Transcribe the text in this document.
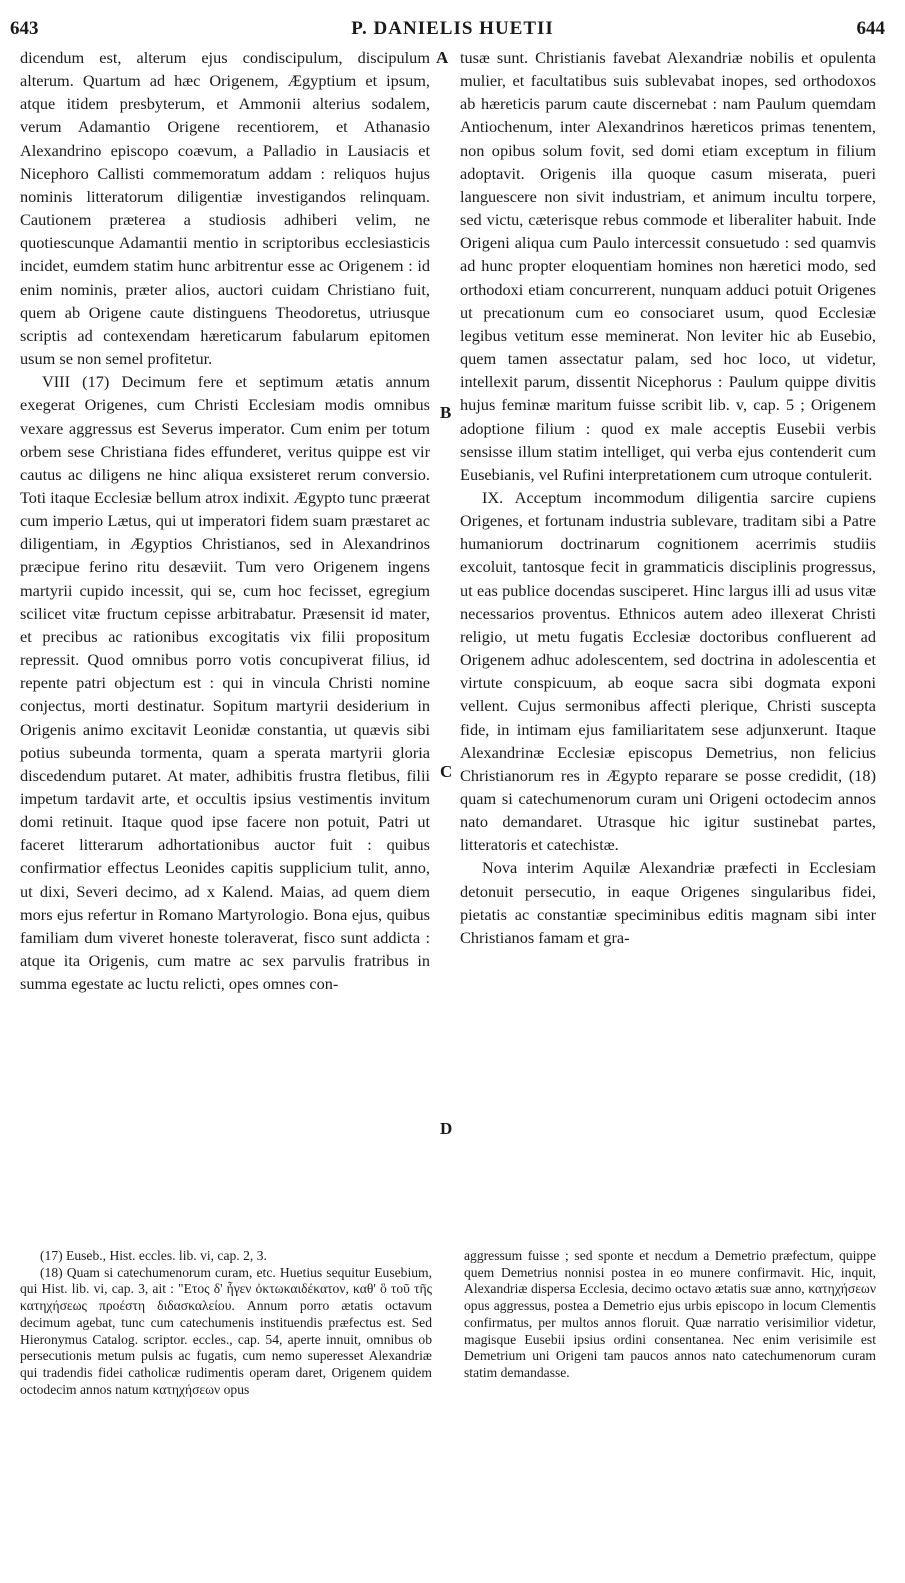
643	P. DANIELIS HUETII	644

dicendum est, alterum ejus condiscipulum, discipulum alterum. Quartum ad hæc Origenem, Ægyptium et ipsum, atque itidem presbyterum, et Ammonii alterius sodalem, verum Adamantio Origene recentiorem, et Athanasio Alexandrino episcopo coævum, a Palladio in Lausiacis et Nicephoro Callisti commemoratum addam : reliquos hujus nominis litteratorum diligentiæ investigandos relinquam. Cautionem præterea a studiosis adhiberi velim, ne quotiescunque Adamantii mentio in scriptoribus ecclesiasticis incidet, eumdem statim hunc arbitrentur esse ac Origenem : id enim nominis, præter alios, auctori cuidam Christiano fuit, quem ab Origene caute distinguens Theodoretus, utriusque scriptis ad contexendam hæreticarum fabularum epitomen usum se non semel profitetur.

VIII (17) Decimum fere et septimum ætatis annum exegerat Origenes, cum Christi Ecclesiam modis omnibus vexare aggressus est Severus imperator. Cum enim per totum orbem sese Christiana fides effunderet, veritus quippe est vir cautus ac diligens ne hinc aliqua exsisteret rerum conversio. Toti itaque Ecclesiæ bellum atrox indixit. Ægypto tunc præerat cum imperio Lætus, qui ut imperatori fidem suam præstaret ac diligentiam, in Ægyptios Christianos, sed in Alexandrinos præcipue ferino ritu desæviit. Tum vero Origenem ingens martyrii cupido incessit, qui se, cum hoc fecisset, egregium scilicet vitæ fructum cepisse arbitrabatur. Præsensit id mater, et precibus ac rationibus excogitatis vix filii propositum repressit. Quod omnibus porro votis concupiverat filius, id repente patri objectum est : qui in vincula Christi nomine conjectus, morti destinatur. Sopitum martyrii desiderium in Origenis animo excitavit Leonidæ constantia, ut quævis sibi potius subeunda tormenta, quam a sperata martyrii gloria discedendum putaret. At mater, adhibitis frustra fletibus, filii impetum tardavit arte, et occultis ipsius vestimentis invitum domi retinuit. Itaque quod ipse facere non potuit, Patri ut faceret litterarum adhortationibus auctor fuit : quibus confirmatior effectus Leonides capitis supplicium tulit, anno, ut dixi, Severi decimo, ad x Kalend. Maias, ad quem diem mors ejus refertur in Romano Martyrologio. Bona ejus, quibus familiam dum viveret honeste toleraverat, fisco sunt addicta : atque ita Origenis, cum matre ac sex parvulis fratribus in summa egestate ac luctu relicti, opes omnes con-

A
B
C
D

tusæ sunt. Christianis favebat Alexandriæ nobilis et opulenta mulier, et facultatibus suis sublevabat inopes, sed orthodoxos ab hæreticis parum caute discernebat : nam Paulum quemdam Antiochenum, inter Alexandrinos hæreticos primas tenentem, non opibus solum fovit, sed domi etiam exceptum in filium adoptavit. Origenis illa quoque casum miserata, pueri languescere non sivit industriam, et animum incultu torpere, sed victu, cæterisque rebus commode et liberaliter habuit. Inde Origeni aliqua cum Paulo intercessit consuetudo : sed quamvis ad hunc propter eloquentiam homines non hæretici modo, sed orthodoxi etiam concurrerent, nunquam adduci potuit Origenes ut precationum cum eo consociaret usum, quod Ecclesiæ legibus vetitum esse meminerat. Non leviter hic ab Eusebio, quem tamen assectatur palam, sed hoc loco, ut videtur, intellexit parum, dissentit Nicephorus : Paulum quippe divitis hujus feminæ maritum fuisse scribit lib. v, cap. 5 ; Origenem adoptione filium : quod ex male acceptis Eusebii verbis sensisse illum statim intelliget, qui verba ejus contenderit cum Eusebianis, vel Rufini interpretationem cum utroque contulerit.

IX. Acceptum incommodum diligentia sarcire cupiens Origenes, et fortunam industria sublevare, traditam sibi a Patre humaniorum doctrinarum cognitionem acerrimis studiis excoluit, tantosque fecit in grammaticis disciplinis progressus, ut eas publice docendas susciperet. Hinc largus illi ad usus vitæ necessarios proventus. Ethnicos autem adeo illexerat Christi religio, ut metu fugatis Ecclesiæ doctoribus confluerent ad Origenem adhuc adolescentem, sed doctrina in adolescentia et virtute conspicuum, ab eoque sacra sibi dogmata exponi vellent. Cujus sermonibus affecti plerique, Christi suscepta fide, in intimam ejus familiaritatem sese adjunxerunt. Itaque Alexandrinæ Ecclesiæ episcopus Demetrius, non felicius Christianorum res in Ægypto reparare se posse credidit, (18) quam si catechumenorum curam uni Origeni octodecim annos nato demandaret. Utrasque hic igitur sustinebat partes, litteratoris et catechistæ.

Nova interim Aquilæ Alexandriæ præfecti in Ecclesiam detonuit persecutio, in eaque Origenes singularibus fidei, pietatis ac constantiæ speciminibus editis magnam sibi inter Christianos famam et gra-

(17) Euseb., Hist. eccles. lib. vi, cap. 2, 3.

(18) Quam si catechumenorum curam, etc. Huetius sequitur Eusebium, qui Hist. lib. vi, cap. 3, ait : "Ετος δ' ἦγεν ὀκτωκαιδέκατον, καθ' ὃ τοῦ τῆς κατηχήσεως προέστη διδασκαλείου. Annum porro ætatis octavum decimum agebat, tunc cum catechumenis instituendis præfectus est. Sed Hieronymus Catalog. scriptor. eccles., cap. 54, aperte innuit, omnibus ob persecutionis metum pulsis ac fugatis, cum nemo superesset Alexandriæ qui tradendis fidei catholicæ rudimentis operam daret, Origenem quidem octodecim annos natum κατηχήσεων opus

aggressum fuisse ; sed sponte et necdum a Demetrio præfectum, quippe quem Demetrius nonnisi postea in eo munere confirmavit. Hic, inquit, Alexandriæ dispersa Ecclesia, decimo octavo ætatis suæ anno, κατηχήσεων opus aggressus, postea a Demetrio ejus urbis episcopo in locum Clementis confirmatus, per multos annos floruit. Quæ narratio verisimilior videtur, magisque Eusebii ipsius ordini consentanea. Nec enim verisimile est Demetrium uni Origeni tam paucos annos nato catechumenorum curam statim demandasse.
